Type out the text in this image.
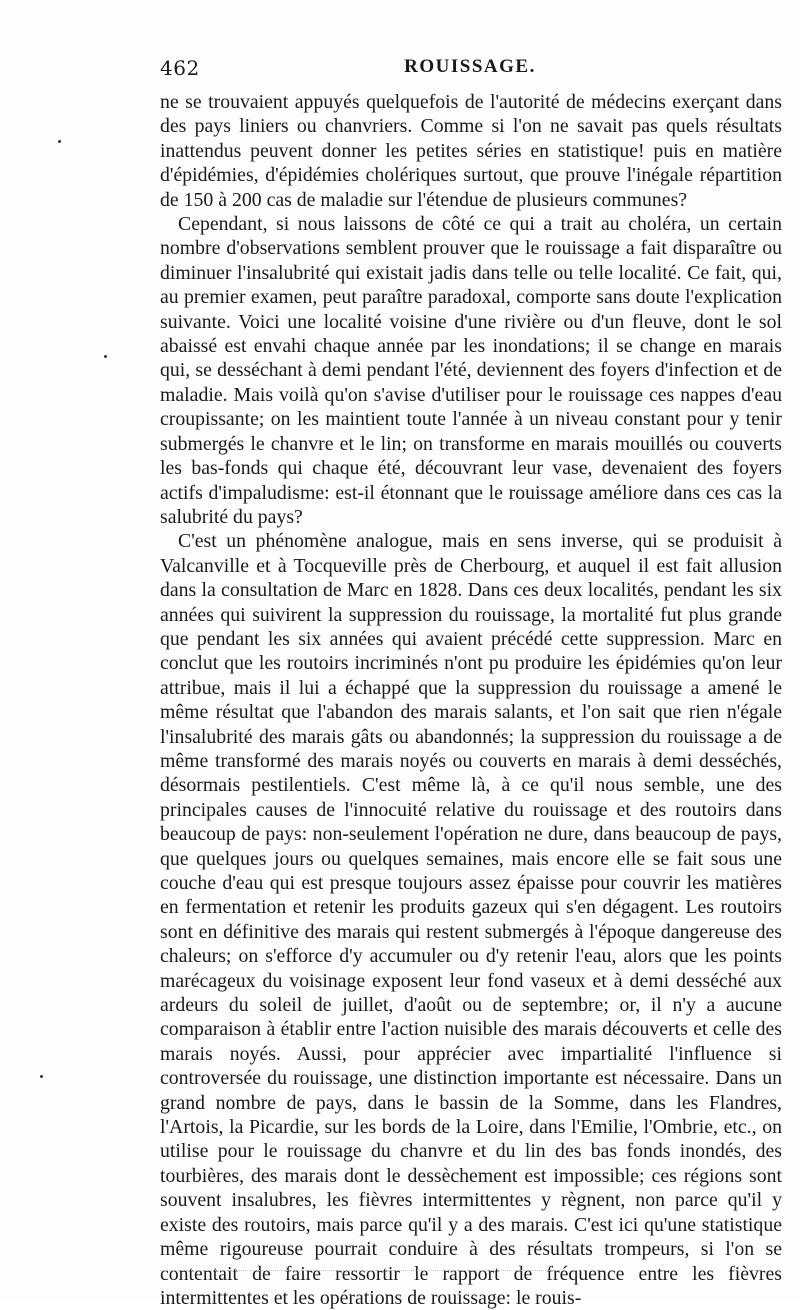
462	ROUISSAGE.

ne se trouvaient appuyés quelquefois de l'autorité de médecins exerçant dans des pays liniers ou chanvriers. Comme si l'on ne savait pas quels résultats inattendus peuvent donner les petites séries en statistique! puis en matière d'épidémies, d'épidémies cholériques surtout, que prouve l'inégale répartition de 150 à 200 cas de maladie sur l'étendue de plusieurs communes?

Cependant, si nous laissons de côté ce qui a trait au choléra, un certain nombre d'observations semblent prouver que le rouissage a fait disparaître ou diminuer l'insalubrité qui existait jadis dans telle ou telle localité. Ce fait, qui, au premier examen, peut paraître paradoxal, comporte sans doute l'explication suivante. Voici une localité voisine d'une rivière ou d'un fleuve, dont le sol abaissé est envahi chaque année par les inondations; il se change en marais qui, se desséchant à demi pendant l'été, deviennent des foyers d'infection et de maladie. Mais voilà qu'on s'avise d'utiliser pour le rouissage ces nappes d'eau croupissante; on les maintient toute l'année à un niveau constant pour y tenir submergés le chanvre et le lin; on transforme en marais mouillés ou couverts les bas-fonds qui chaque été, découvrant leur vase, devenaient des foyers actifs d'impaludisme: est-il étonnant que le rouissage améliore dans ces cas la salubrité du pays?

C'est un phénomène analogue, mais en sens inverse, qui se produisit à Valcanville et à Tocqueville près de Cherbourg, et auquel il est fait allusion dans la consultation de Marc en 1828. Dans ces deux localités, pendant les six années qui suivirent la suppression du rouissage, la mortalité fut plus grande que pendant les six années qui avaient précédé cette suppression. Marc en conclut que les routoirs incriminés n'ont pu produire les épidémies qu'on leur attribue, mais il lui a échappé que la suppression du rouissage a amené le même résultat que l'abandon des marais salants, et l'on sait que rien n'égale l'insalubrité des marais gâts ou abandonnés; la suppression du rouissage a de même transformé des marais noyés ou couverts en marais à demi desséchés, désormais pestilentiels. C'est même là, à ce qu'il nous semble, une des principales causes de l'innocuité relative du rouissage et des routoirs dans beaucoup de pays: non-seulement l'opération ne dure, dans beaucoup de pays, que quelques jours ou quelques semaines, mais encore elle se fait sous une couche d'eau qui est presque toujours assez épaisse pour couvrir les matières en fermentation et retenir les produits gazeux qui s'en dégagent. Les routoirs sont en définitive des marais qui restent submergés à l'époque dangereuse des chaleurs; on s'efforce d'y accumuler ou d'y retenir l'eau, alors que les points marécageux du voisinage exposent leur fond vaseux et à demi desséché aux ardeurs du soleil de juillet, d'août ou de septembre; or, il n'y a aucune comparaison à établir entre l'action nuisible des marais découverts et celle des marais noyés. Aussi, pour apprécier avec impartialité l'influence si controversée du rouissage, une distinction importante est nécessaire. Dans un grand nombre de pays, dans le bassin de la Somme, dans les Flandres, l'Artois, la Picardie, sur les bords de la Loire, dans l'Emilie, l'Ombrie, etc., on utilise pour le rouissage du chanvre et du lin des bas fonds inondés, des tourbières, des marais dont le dessèchement est impossible; ces régions sont souvent insalubres, les fièvres intermittentes y règnent, non parce qu'il y existe des routoirs, mais parce qu'il y a des marais. C'est ici qu'une statistique même rigoureuse pourrait conduire à des résultats trompeurs, si l'on se contentait de faire ressortir le rapport de fréquence entre les fièvres intermittentes et les opérations de rouissage: le rouis-
